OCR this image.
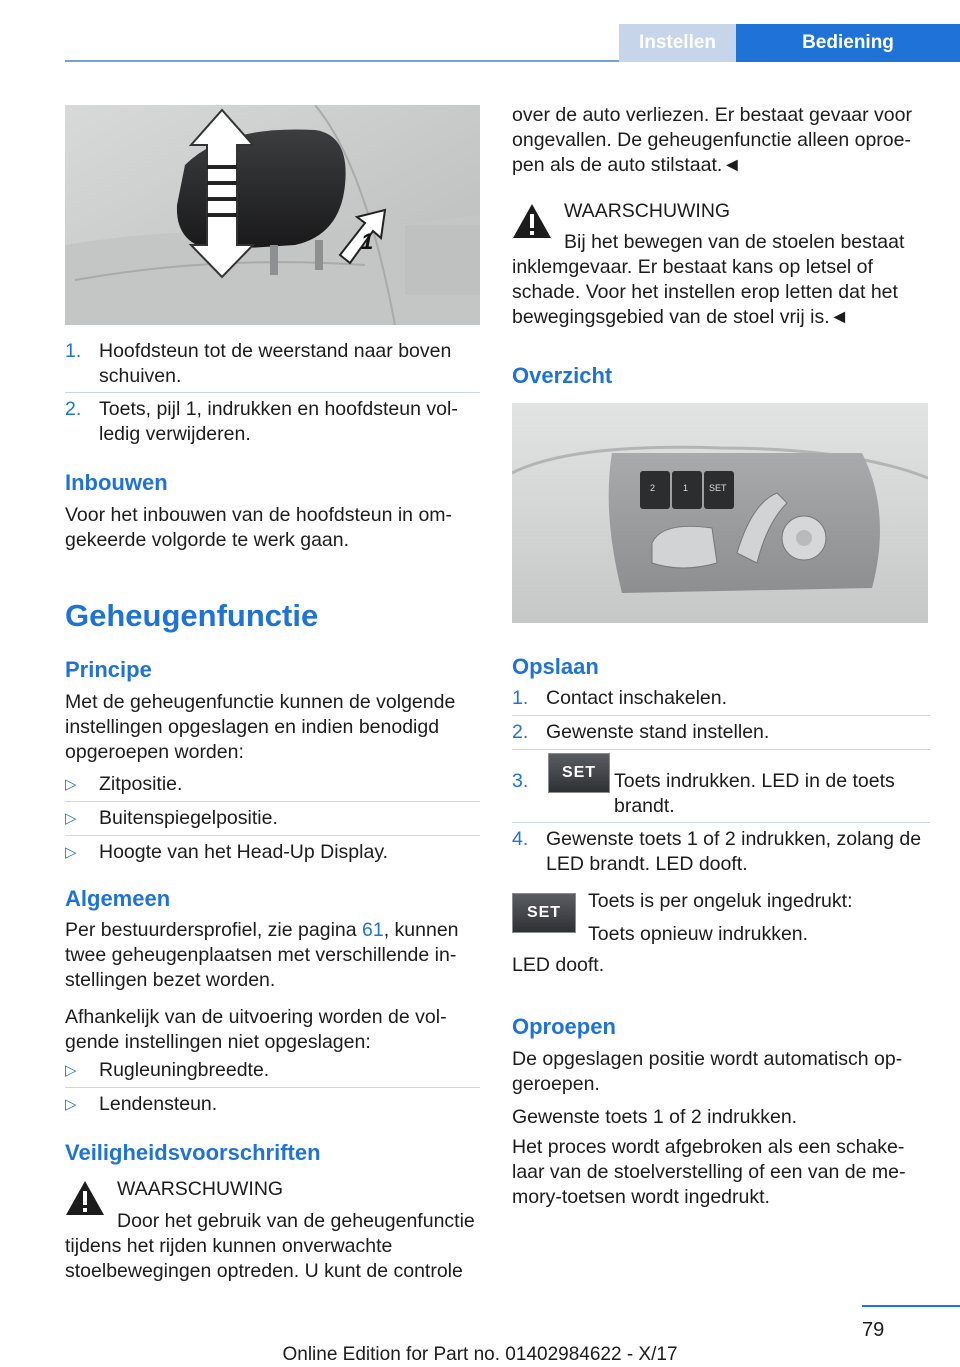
Instellen	Bediening
1
1. Hoofdsteun tot de weerstand naar boven schuiven.
2. Toets, pijl 1, indrukken en hoofdsteun volledig verwijderen.
Inbouwen
Voor het inbouwen van de hoofdsteun in omgekeerde volgorde te werk gaan.
Geheugenfunctie
Principe
Met de geheugenfunctie kunnen de volgende instellingen opgeslagen en indien benodigd opgeroepen worden:
▷ Zitpositie.
▷ Buitenspiegelpositie.
▷ Hoogte van het Head-Up Display.
Algemeen
Per bestuurdersprofiel, zie pagina 61, kunnen twee geheugenplaatsen met verschillende instellingen bezet worden.
Afhankelijk van de uitvoering worden de volgende instellingen niet opgeslagen:
▷ Rugleuningbreedte.
▷ Lendensteun.
Veiligheidsvoorschriften
WAARSCHUWING
Door het gebruik van de geheugenfunctie tijdens het rijden kunnen onverwachte stoelbewegingen optreden. U kunt de controle
over de auto verliezen. Er bestaat gevaar voor ongevallen. De geheugenfunctie alleen oproepen als de auto stilstaat.◄
WAARSCHUWING
Bij het bewegen van de stoelen bestaat inklemgevaar. Er bestaat kans op letsel of schade. Voor het instellen erop letten dat het bewegingsgebied van de stoel vrij is.◄
Overzicht
2	1 SET
Opslaan
1. Contact inschakelen.
2. Gewenste stand instellen.
3.	SET Toets indrukken. LED in de toets brandt.
4. Gewenste toets 1 of 2 indrukken, zolang de LED brandt. LED dooft.
SET
Toets is per ongeluk ingedrukt:
Toets opnieuw indrukken.
LED dooft.
Oproepen
De opgeslagen positie wordt automatisch opgeroepen.
Gewenste toets 1 of 2 indrukken.
Het proces wordt afgebroken als een schakelaar van de stoelverstelling of een van de memory-toetsen wordt ingedrukt.
79
Online Edition for Part no. 01402984622 - X/17
